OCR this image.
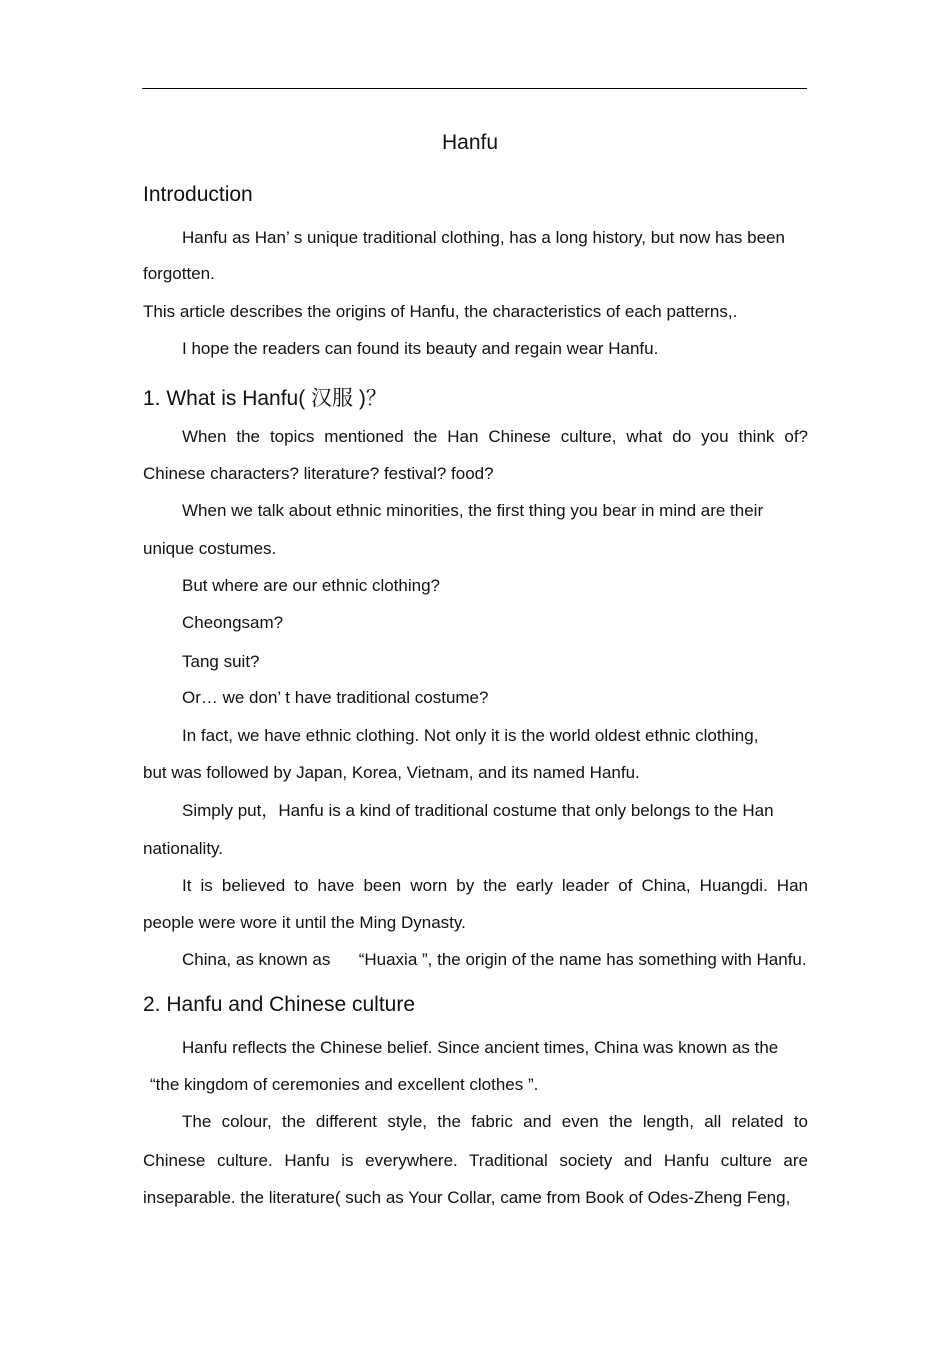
Hanfu
Introduction
Hanfu as Han’ s unique traditional clothing, has a long history, but now has been
forgotten.
This article describes the origins of Hanfu, the characteristics of each patterns,.
I hope the readers can found its beauty and regain wear Hanfu.
1. What is Hanfu( 汉服 )？
When the topics mentioned the Han Chinese culture, what do you think of?
Chinese characters? literature? festival? food?
When we talk about ethnic minorities, the first thing you bear in mind are their
unique costumes.
But where are our ethnic clothing?
Cheongsam?
Tang suit?
Or… we don’ t have traditional costume?
In fact, we have ethnic clothing. Not only it is the world oldest ethnic clothing,
but was followed by Japan, Korea, Vietnam, and its named Hanfu.
Simply put，Hanfu is a kind of traditional costume that only belongs to the Han
nationality.
It is believed to have been worn by the early leader of China, Huangdi. Han
people were wore it until the Ming Dynasty.
China, as known as      “Huaxia ”, the origin of the name has something with Hanfu.
2. Hanfu and Chinese culture
Hanfu reflects the Chinese belief. Since ancient times, China was known as the
“the kingdom of ceremonies and excellent clothes ”.
The colour, the different style, the fabric and even the length, all related to
Chinese culture. Hanfu is everywhere. Traditional society and Hanfu culture are
inseparable. the literature( such as Your Collar, came from Book of Odes-Zheng Feng,
